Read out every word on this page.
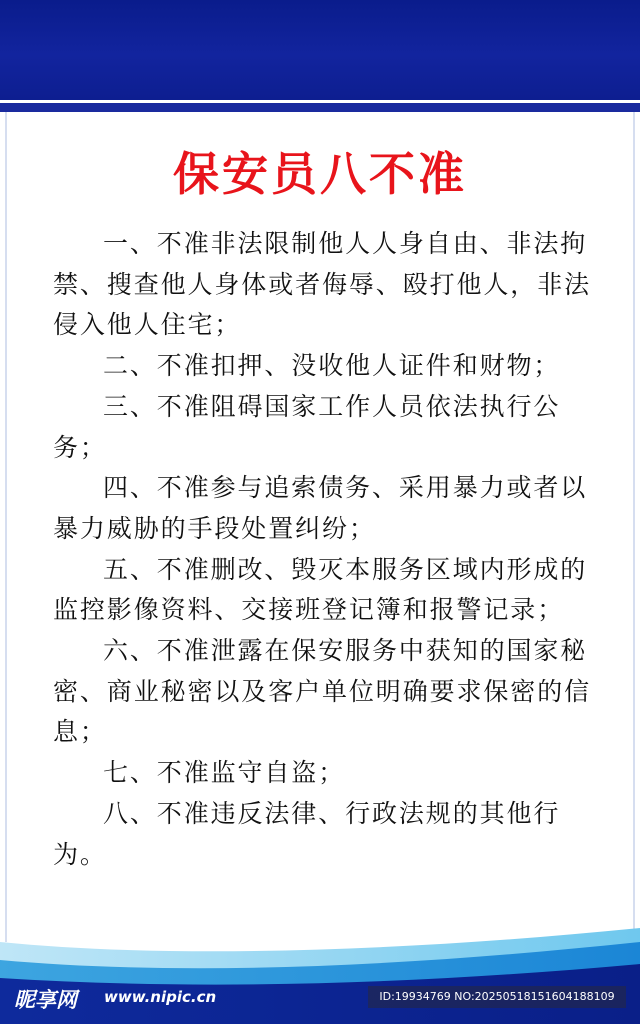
保安员八不准

一、不准非法限制他人人身自由、非法拘禁、搜查他人身体或者侮辱、殴打他人，非法侵入他人住宅；

二、不准扣押、没收他人证件和财物；

三、不准阻碍国家工作人员依法执行公务；

四、不准参与追索债务、采用暴力或者以暴力威胁的手段处置纠纷；

五、不准删改、毁灭本服务区域内形成的监控影像资料、交接班登记簿和报警记录；

六、不准泄露在保安服务中获知的国家秘密、商业秘密以及客户单位明确要求保密的信息；

七、不准监守自盗；

八、不准违反法律、行政法规的其他行为。

昵享网 www.nipic.cn	ID:19934769 NO:20250518151604188109
